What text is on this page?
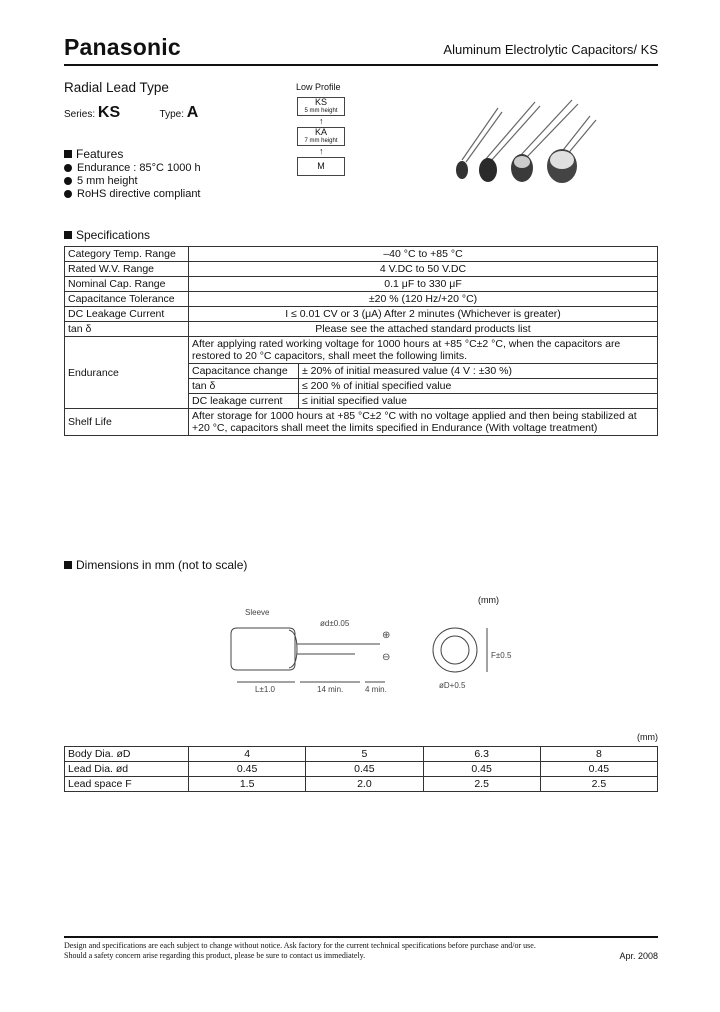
Panasonic	Aluminum Electrolytic Capacitors/ KS
Radial Lead Type
Series: KS	Type: A
Low Profile
KS
5 mm height
↑
KA
7 mm height
↑
M
Features
Endurance : 85°C 1000 h
5 mm height
RoHS directive compliant
Specifications
Category Temp. Range	–40 °C to +85 °C	
Rated W.V. Range	4 V.DC to 50 V.DC	
Nominal Cap. Range	0.1 μF to 330 μF	
Capacitance Tolerance	±20 % (120 Hz/+20 °C)	
DC Leakage Current	I ≤ 0.01 CV or 3 (μA) After 2 minutes (Whichever is greater)	
tan δ	Please see the attached standard products list	
Endurance	After applying rated working voltage for 1000 hours at +85 °C±2 °C, when the capacitors are restored to 20 °C capacitors, shall meet the following limits.	
	Capacitance change	± 20% of initial measured value (4 V : ±30 %)
	tan δ	≤ 200 % of initial specified value
	DC leakage current	≤ initial specified value
Shelf Life	After storage for 1000 hours at +85 °C±2 °C with no voltage applied and then being stabilized at +20 °C, capacitors shall meet the limits specified in Endurance (With voltage treatment)	
Dimensions in mm (not to scale)
(mm)
Sleeve
ød±0.05
L±1.0	14 min.	4 min.	øD+0.5
F±0.5
⊕
⊖
(mm)
Body Dia. øD	4	5	6.3	8
Lead Dia. ød	0.45	0.45	0.45	0.45
Lead space F	1.5	2.0	2.5	2.5
Design and specifications are each subject to change without notice. Ask factory for the current technical specifications before purchase and/or use.
Should a safety concern arise regarding this product, please be sure to contact us immediately.	Apr. 2008
